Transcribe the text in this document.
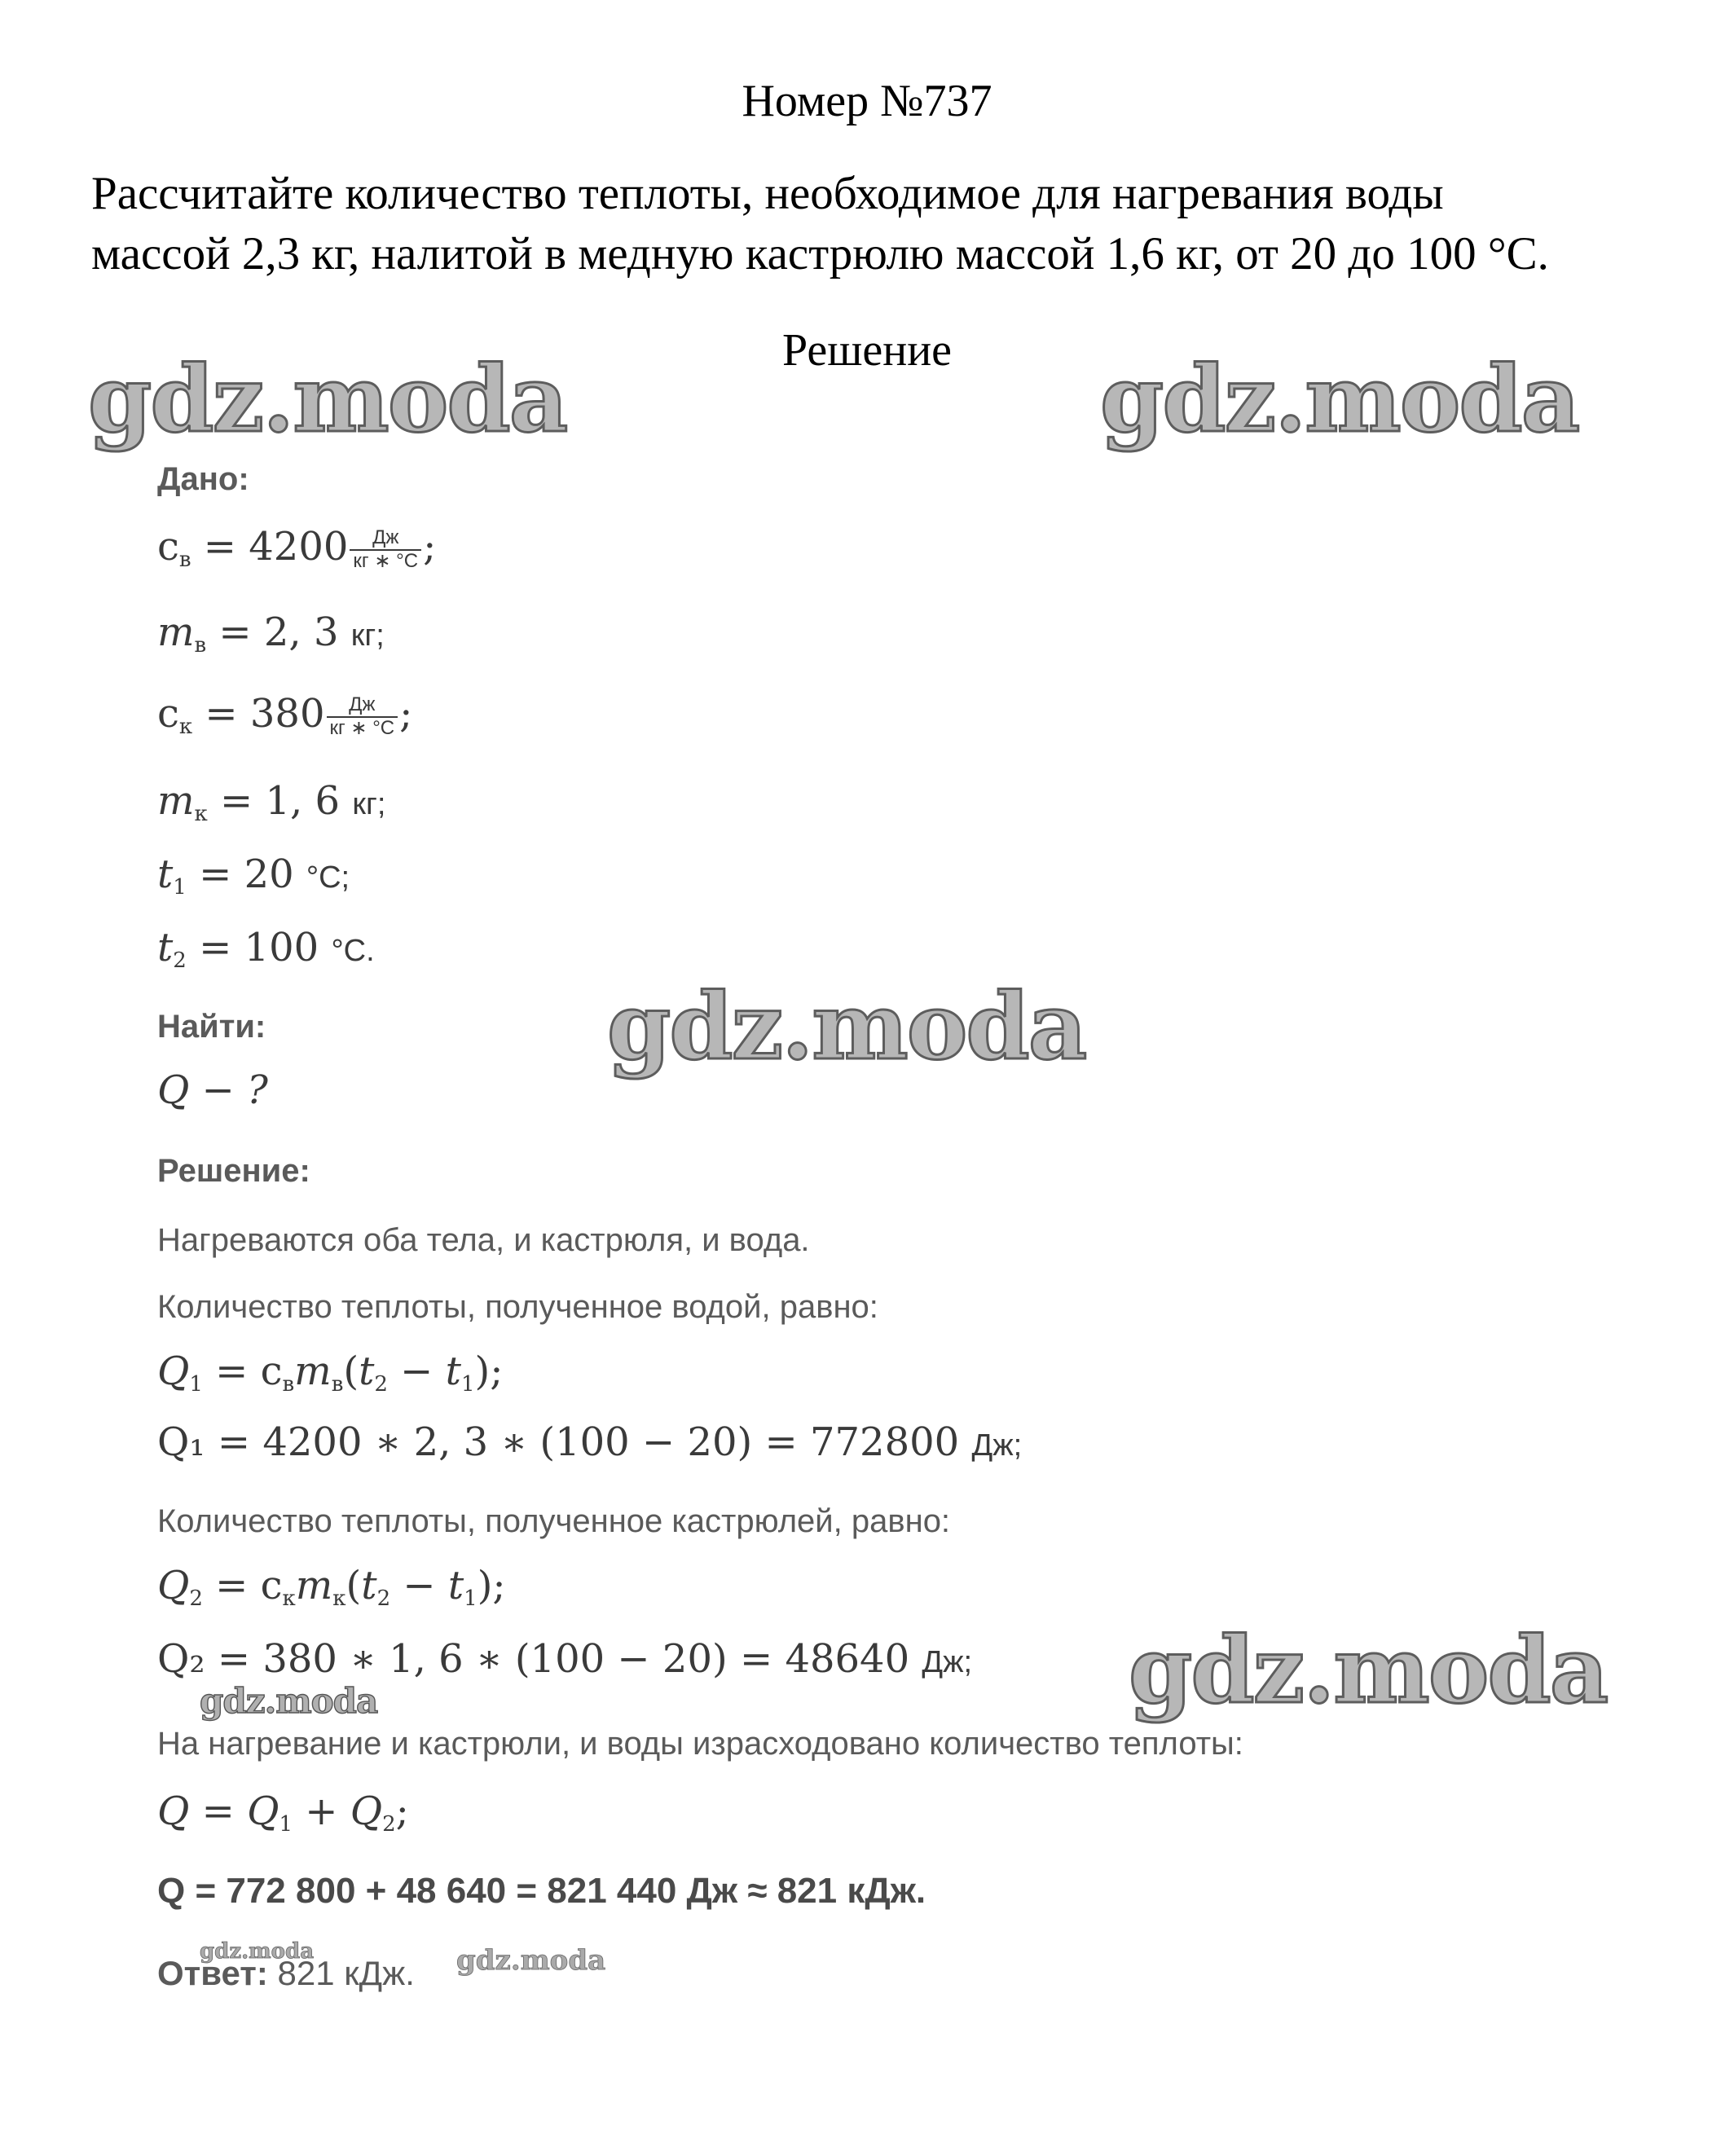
Номер №737
Рассчитайте количество теплоты, необходимое для нагревания воды
массой 2,3 кг, налитой в медную кастрюлю массой 1,6 кг, от 20 до 100 °С.
Решение
gdz.moda	gdz.moda
gdz.moda
gdz.moda
gdz.moda
gdz.moda	gdz.moda
Дано:
$c_в = 4200 \frac{Дж}{кг ∗ ^\circ С}$ ;
$m_в = 2$, 3 кг;
$c_к = 380 \frac{Дж}{кг ∗ ^\circ С}$ ;
$m_к = 1$, 6 кг;
$t_1 = 20$ °С;
$t_2 = 100$ °С.
Найти:
Q − ?
Решение:
Нагреваются оба тела, и кастрюля, и вода.
Количество теплоты, полученное водой, равно:
$Q_1 = c_вm_в(t_2 - t_1)$;
Q₁ = 4200 ∗ 2, 3 ∗ (100 − 20) = 772800 Дж;
Количество теплоты, полученное кастрюлей, равно:
$Q_2 = c_кm_к(t_2 - t_1)$;
Q₂ = 380 ∗ 1, 6 ∗ (100 − 20) = 48640 Дж;
На нагревание и кастрюли, и воды израсходовано количество теплоты:
$Q = Q_1 + Q_2$;
Q = 772 800 + 48 640 = 821 440 Дж ≈ 821 кДж.
Ответ: 821 кДж.
